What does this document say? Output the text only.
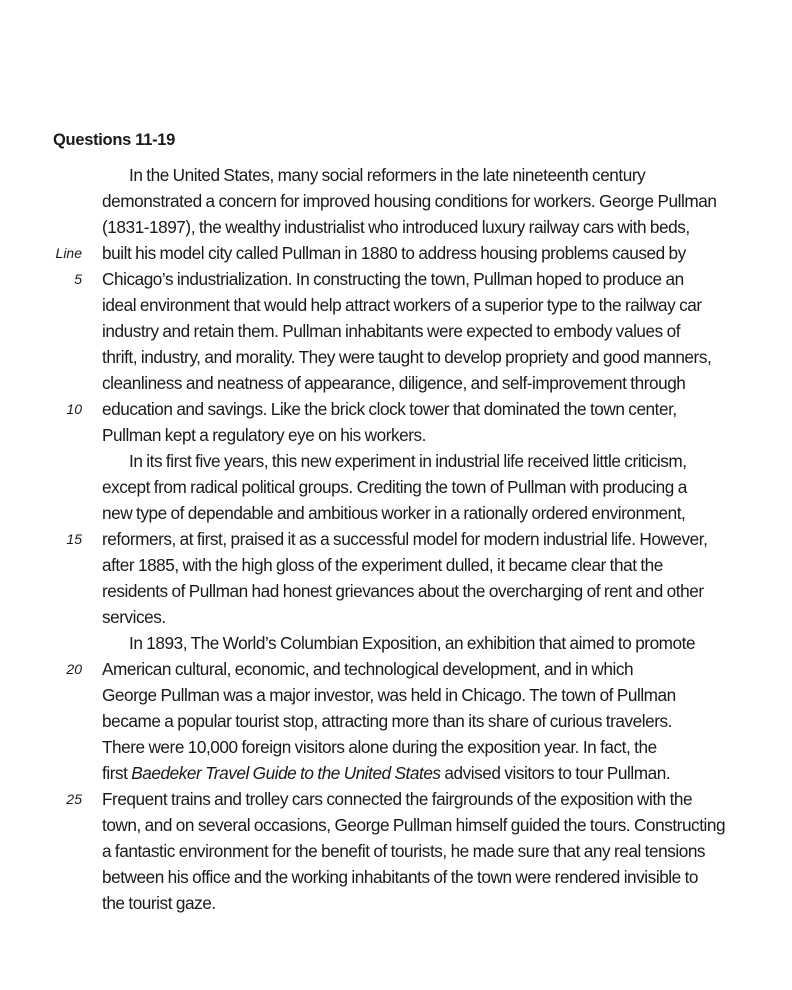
Questions 11-19
In the United States, many social reformers in the late nineteenth century
demonstrated a concern for improved housing conditions for workers. George Pullman
(1831-1897), the wealthy industrialist who introduced luxury railway cars with beds,
Line built his model city called Pullman in 1880 to address housing problems caused by
5 Chicago’s industrialization. In constructing the town, Pullman hoped to produce an
ideal environment that would help attract workers of a superior type to the railway car
industry and retain them. Pullman inhabitants were expected to embody values of
thrift, industry, and morality. They were taught to develop propriety and good manners,
cleanliness and neatness of appearance, diligence, and self-improvement through
10 education and savings. Like the brick clock tower that dominated the town center,
Pullman kept a regulatory eye on his workers.
In its first five years, this new experiment in industrial life received little criticism,
except from radical political groups. Crediting the town of Pullman with producing a
new type of dependable and ambitious worker in a rationally ordered environment,
15 reformers, at first, praised it as a successful model for modern industrial life. However,
after 1885, with the high gloss of the experiment dulled, it became clear that the
residents of Pullman had honest grievances about the overcharging of rent and other
services.
In 1893, The World’s Columbian Exposition, an exhibition that aimed to promote
20 American cultural, economic, and technological development, and in which
George Pullman was a major investor, was held in Chicago. The town of Pullman
became a popular tourist stop, attracting more than its share of curious travelers.
There were 10,000 foreign visitors alone during the exposition year. In fact, the
first Baedeker Travel Guide to the United States advised visitors to tour Pullman.
25 Frequent trains and trolley cars connected the fairgrounds of the exposition with the
town, and on several occasions, George Pullman himself guided the tours. Constructing
a fantastic environment for the benefit of tourists, he made sure that any real tensions
between his office and the working inhabitants of the town were rendered invisible to
the tourist gaze.
